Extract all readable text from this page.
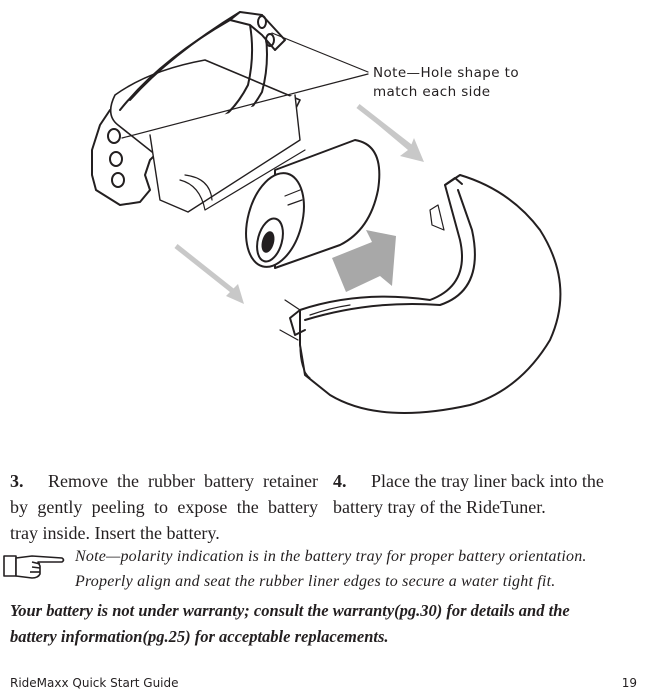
Note—Hole shape to
match each side
3. Remove the rubber battery retainer by gently peeling to expose the battery tray inside. Insert the battery.
4. Place the tray liner back into the battery tray of the RideTuner.
Note—polarity indication is in the battery tray for proper battery orientation.
Properly align and seat the rubber liner edges to secure a water tight fit.
Your battery is not under warranty; consult the warranty(pg.30) for details and the
battery information(pg.25) for acceptable replacements.
RideMaxx Quick Start Guide	19
